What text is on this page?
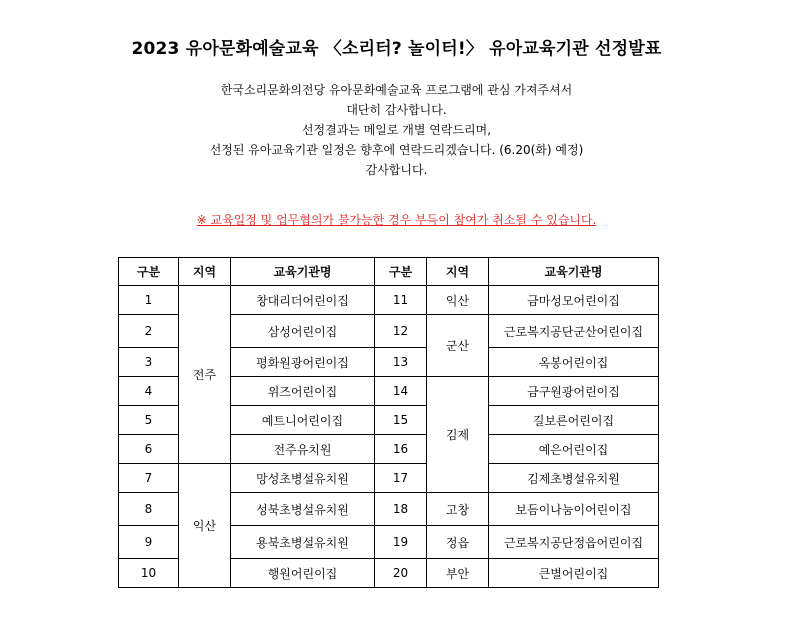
2023 유아문화예술교육 〈소리터? 놀이터!〉 유아교육기관 선정발표
한국소리문화의전당 유아문화예술교육 프로그램에 관심 가져주셔서
대단히 감사합니다.
선정결과는 메일로 개별 연락드리며,
선정된 유아교육기관 일정은 향후에 연락드리겠습니다. (6.20(화) 예정)
감사합니다.
※ 교육일정 및 업무협의가 불가능한 경우 부득이 참여가 취소될 수 있습니다.
구분	지역	교육기관명	구분	지역	교육기관명
1	전주	창대리더어린이집	11	익산	금마성모어린이집
2		삼성어린이집	12	군산	근로복지공단군산어린이집
3		평화원광어린이집	13		옥봉어린이집
4		위즈어린이집	14	김제	금구원광어린이집
5		예트니어린이집	15		길보른어린이집
6		전주유치원	16		예은어린이집
7	익산	망성초병설유치원	17		김제초병설유치원
8		성북초병설유치원	18	고창	보듬이나눔이어린이집
9		용북초병설유치원	19	정읍	근로복지공단정읍어린이집
10		행원어린이집	20	부안	큰별어린이집
